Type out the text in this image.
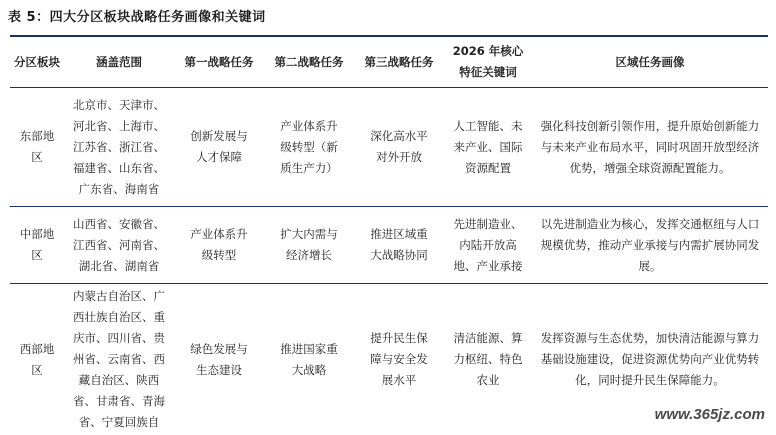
表 5：四大分区板块战略任务画像和关键词
分区板块	涵盖范围	第一战略任务	第二战略任务	第三战略任务	2026 年核心特征关键词	区域任务画像
东部地区	北京市、天津市、河北省、上海市、江苏省、浙江省、福建省、山东省、广东省、海南省	创新发展与人才保障	产业体系升级转型（新质生产力）	深化高水平对外开放	人工智能、未来产业、国际资源配置	强化科技创新引领作用，提升原始创新能力与未来产业布局水平，同时巩固开放型经济优势，增强全球资源配置能力。
中部地区	山西省、安徽省、江西省、河南省、湖北省、湖南省	产业体系升级转型	扩大内需与经济增长	推进区域重大战略协同	先进制造业、内陆开放高地、产业承接	以先进制造业为核心，发挥交通枢纽与人口规模优势，推动产业承接与内需扩展协同发展。
西部地区	内蒙古自治区、广西壮族自治区、重庆市、四川省、贵州省、云南省、西藏自治区、陕西省、甘肃省、青海省、宁夏回族自	绿色发展与生态建设	推进国家重大战略	提升民生保障与安全发展水平	清洁能源、算力枢纽、特色农业	发挥资源与生态优势，加快清洁能源与算力基础设施建设，促进资源优势向产业优势转化，同时提升民生保障能力。
www.365jz.com
